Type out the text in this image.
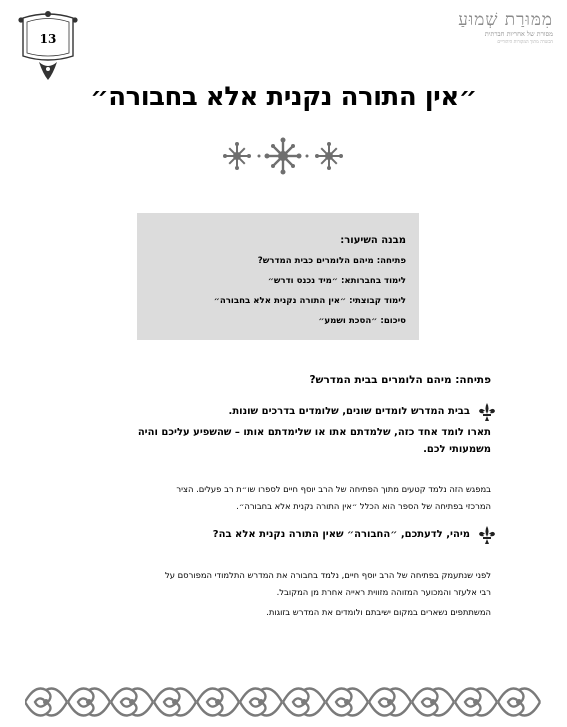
13
מִמּוּרַת שְׁמוּעַ
מסורת של אחריות חברתית
הכשרה מתוך המקורות היהודיים
״אין התורה נקנית אלא בחבורה״
מבנה השיעור:
פתיחה: מיהם הלומרים כבית המדרש?
לימוד בחברותא: ״מיד נכנס ודרש״
לימוד קבוצתי: ״אין התורה נקנית אלא בחבורה״
סיכום: ״הסכת ושמע״
פתיחה: מיהם הלומרים בבית המדרש?
בבית המדרש לומדים שונים, שלומדים בדרכים שונות.
תארו לומד אחד כזה, שלמדתם אתו או שלימדתם אותו – שהשפיע עליכם והיה
משמעותי לכם.
במפגש הזה נלמד קטעים מתוך הפתיחה של הרב יוסף חיים לספרו שו״ת רב פעלים. הציר
המרכזי בפתיחה של הספר הוא הכלל ״אין התורה נקנית אלא בחבורה״.
מיהי, לדעתכם, ״החבורה״ שאין התורה נקנית אלא בה?
לפני שנתעמק בפתיחה של הרב יוסף חיים, נלמד בחבורה את המדרש התלמודי המפורסם על
רבי אלעזר והמכוער המזוהה מזווית ראייה אחרת מן המקובל.
המשתתפים נשארים במקום ישיבתם ולומדים את המדרש בזוגות.
